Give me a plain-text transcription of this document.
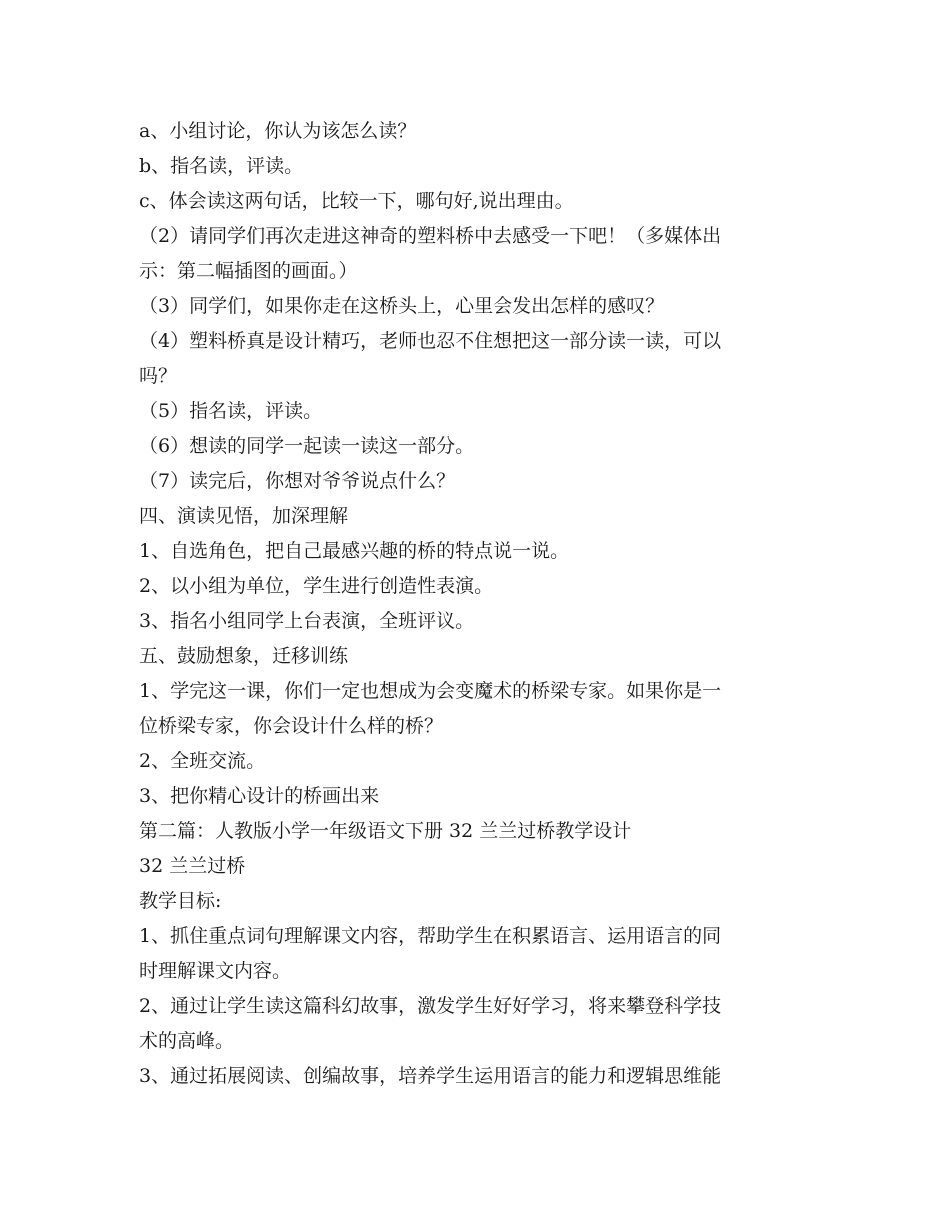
a、小组讨论，你认为该怎么读？
b、指名读，评读。
c、体会读这两句话，比较一下，哪句好,说出理由。
（2）请同学们再次走进这神奇的塑料桥中去感受一下吧！（多媒体出
示：第二幅插图的画面。）
（3）同学们，如果你走在这桥头上，心里会发出怎样的感叹？
（4）塑料桥真是设计精巧，老师也忍不住想把这一部分读一读，可以
吗？
（5）指名读，评读。
（6）想读的同学一起读一读这一部分。
（7）读完后，你想对爷爷说点什么？
四、演读见悟，加深理解
1、自选角色，把自己最感兴趣的桥的特点说一说。
2、以小组为单位，学生进行创造性表演。
3、指名小组同学上台表演，全班评议。
五、鼓励想象，迁移训练
1、学完这一课，你们一定也想成为会变魔术的桥梁专家。如果你是一
位桥梁专家，你会设计什么样的桥？
2、全班交流。
3、把你精心设计的桥画出来
第二篇：人教版小学一年级语文下册 32 兰兰过桥教学设计
32 兰兰过桥
教学目标:
1、抓住重点词句理解课文内容，帮助学生在积累语言、运用语言的同
时理解课文内容。
2、通过让学生读这篇科幻故事，激发学生好好学习，将来攀登科学技
术的高峰。
3、通过拓展阅读、创编故事，培养学生运用语言的能力和逻辑思维能
